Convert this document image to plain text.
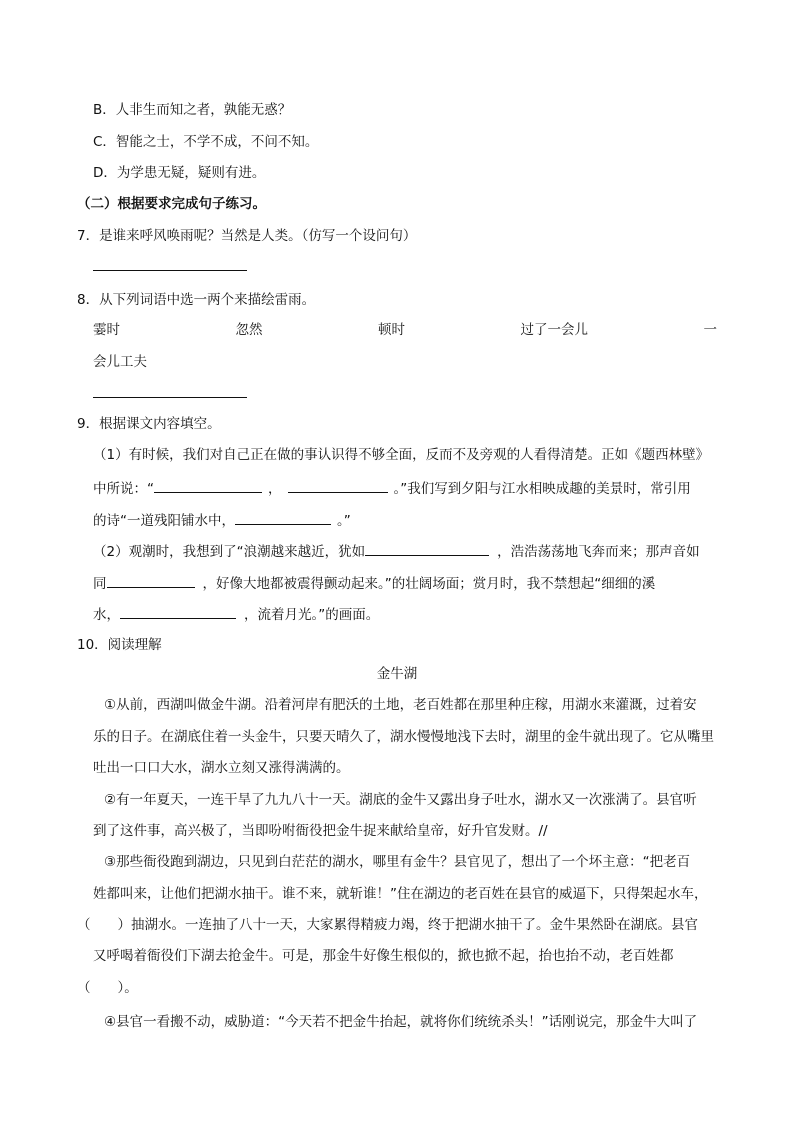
B．人非生而知之者，孰能无惑？
C．智能之士，不学不成，不问不知。
D．为学患无疑，疑则有进。
（二）根据要求完成句子练习。
7．是谁来呼风唤雨呢？当然是人类。（仿写一个设问句）
8．从下列词语中选一两个来描绘雷雨。
霎时	忽然	顿时	过了一会儿	一
会儿工夫
9．根据课文内容填空。
（1）有时候，我们对自己正在做的事认识得不够全面，反而不及旁观的人看得清楚。正如《题西林壁》
中所说：“	，	。”我们写到夕阳与江水相映成趣的美景时，常引用
的诗“一道残阳铺水中，	。”
（2）观潮时，我想到了“浪潮越来越近，犹如	，浩浩荡荡地飞奔而来；那声音如
同	，好像大地都被震得颤动起来。”的壮阔场面；赏月时，我不禁想起“细细的溪
水，	，流着月光。”的画面。
10．阅读理解
金牛湖
①从前，西湖叫做金牛湖。沿着河岸有肥沃的土地，老百姓都在那里种庄稼，用湖水来灌溉，过着安
乐的日子。在湖底住着一头金牛，只要天晴久了，湖水慢慢地浅下去时，湖里的金牛就出现了。它从嘴里
吐出一口口大水，湖水立刻又涨得满满的。
②有一年夏天，一连干旱了九九八十一天。湖底的金牛又露出身子吐水，湖水又一次涨满了。县官听
到了这件事，高兴极了，当即吩咐衙役把金牛捉来献给皇帝，好升官发财。//
③那些衙役跑到湖边，只见到白茫茫的湖水，哪里有金牛？县官见了，想出了一个坏主意：“把老百
姓都叫来，让他们把湖水抽干。谁不来，就斩谁！”住在湖边的老百姓在县官的威逼下，只得架起水车，
（　　）抽湖水。一连抽了八十一天，大家累得精疲力竭，终于把湖水抽干了。金牛果然卧在湖底。县官
又呼喝着衙役们下湖去抢金牛。可是，那金牛好像生根似的，掀也掀不起，抬也抬不动，老百姓都
（　　）。
④县官一看搬不动，威胁道：“今天若不把金牛抬起，就将你们统统杀头！”话刚说完，那金牛大叫了
